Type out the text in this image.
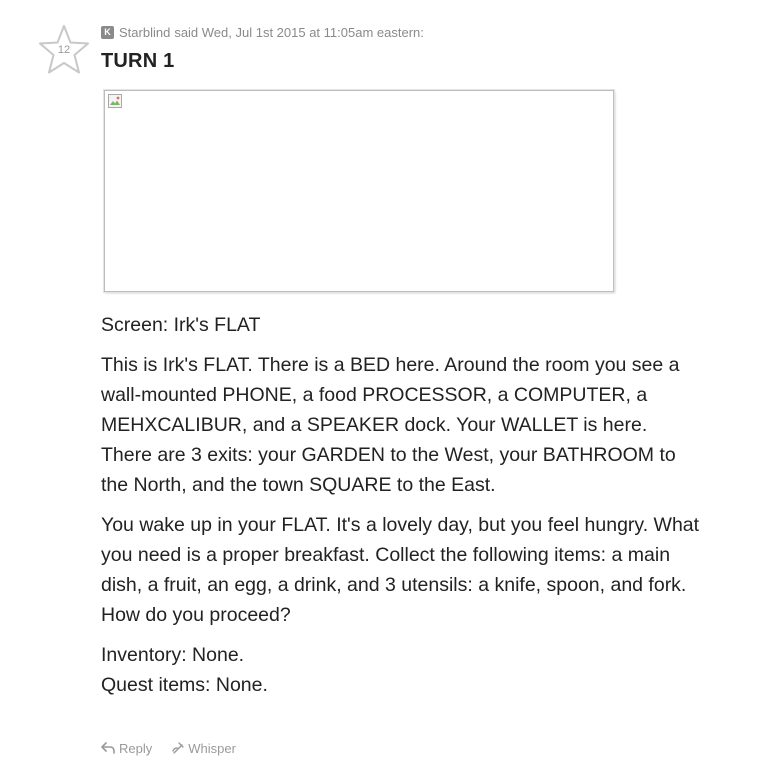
12
K Starblind said Wed, Jul 1st 2015 at 11:05am eastern:
TURN 1

Screen: Irk's FLAT

This is Irk's FLAT. There is a BED here. Around the room you see a wall-mounted PHONE, a food PROCESSOR, a COMPUTER, a MEHXCALIBUR, and a SPEAKER dock. Your WALLET is here. There are 3 exits: your GARDEN to the West, your BATHROOM to the North, and the town SQUARE to the East.

You wake up in your FLAT. It's a lovely day, but you feel hungry. What you need is a proper breakfast. Collect the following items: a main dish, a fruit, an egg, a drink, and 3 utensils: a knife, spoon, and fork. How do you proceed?

Inventory: None.
Quest items: None.

Reply	Whisper
